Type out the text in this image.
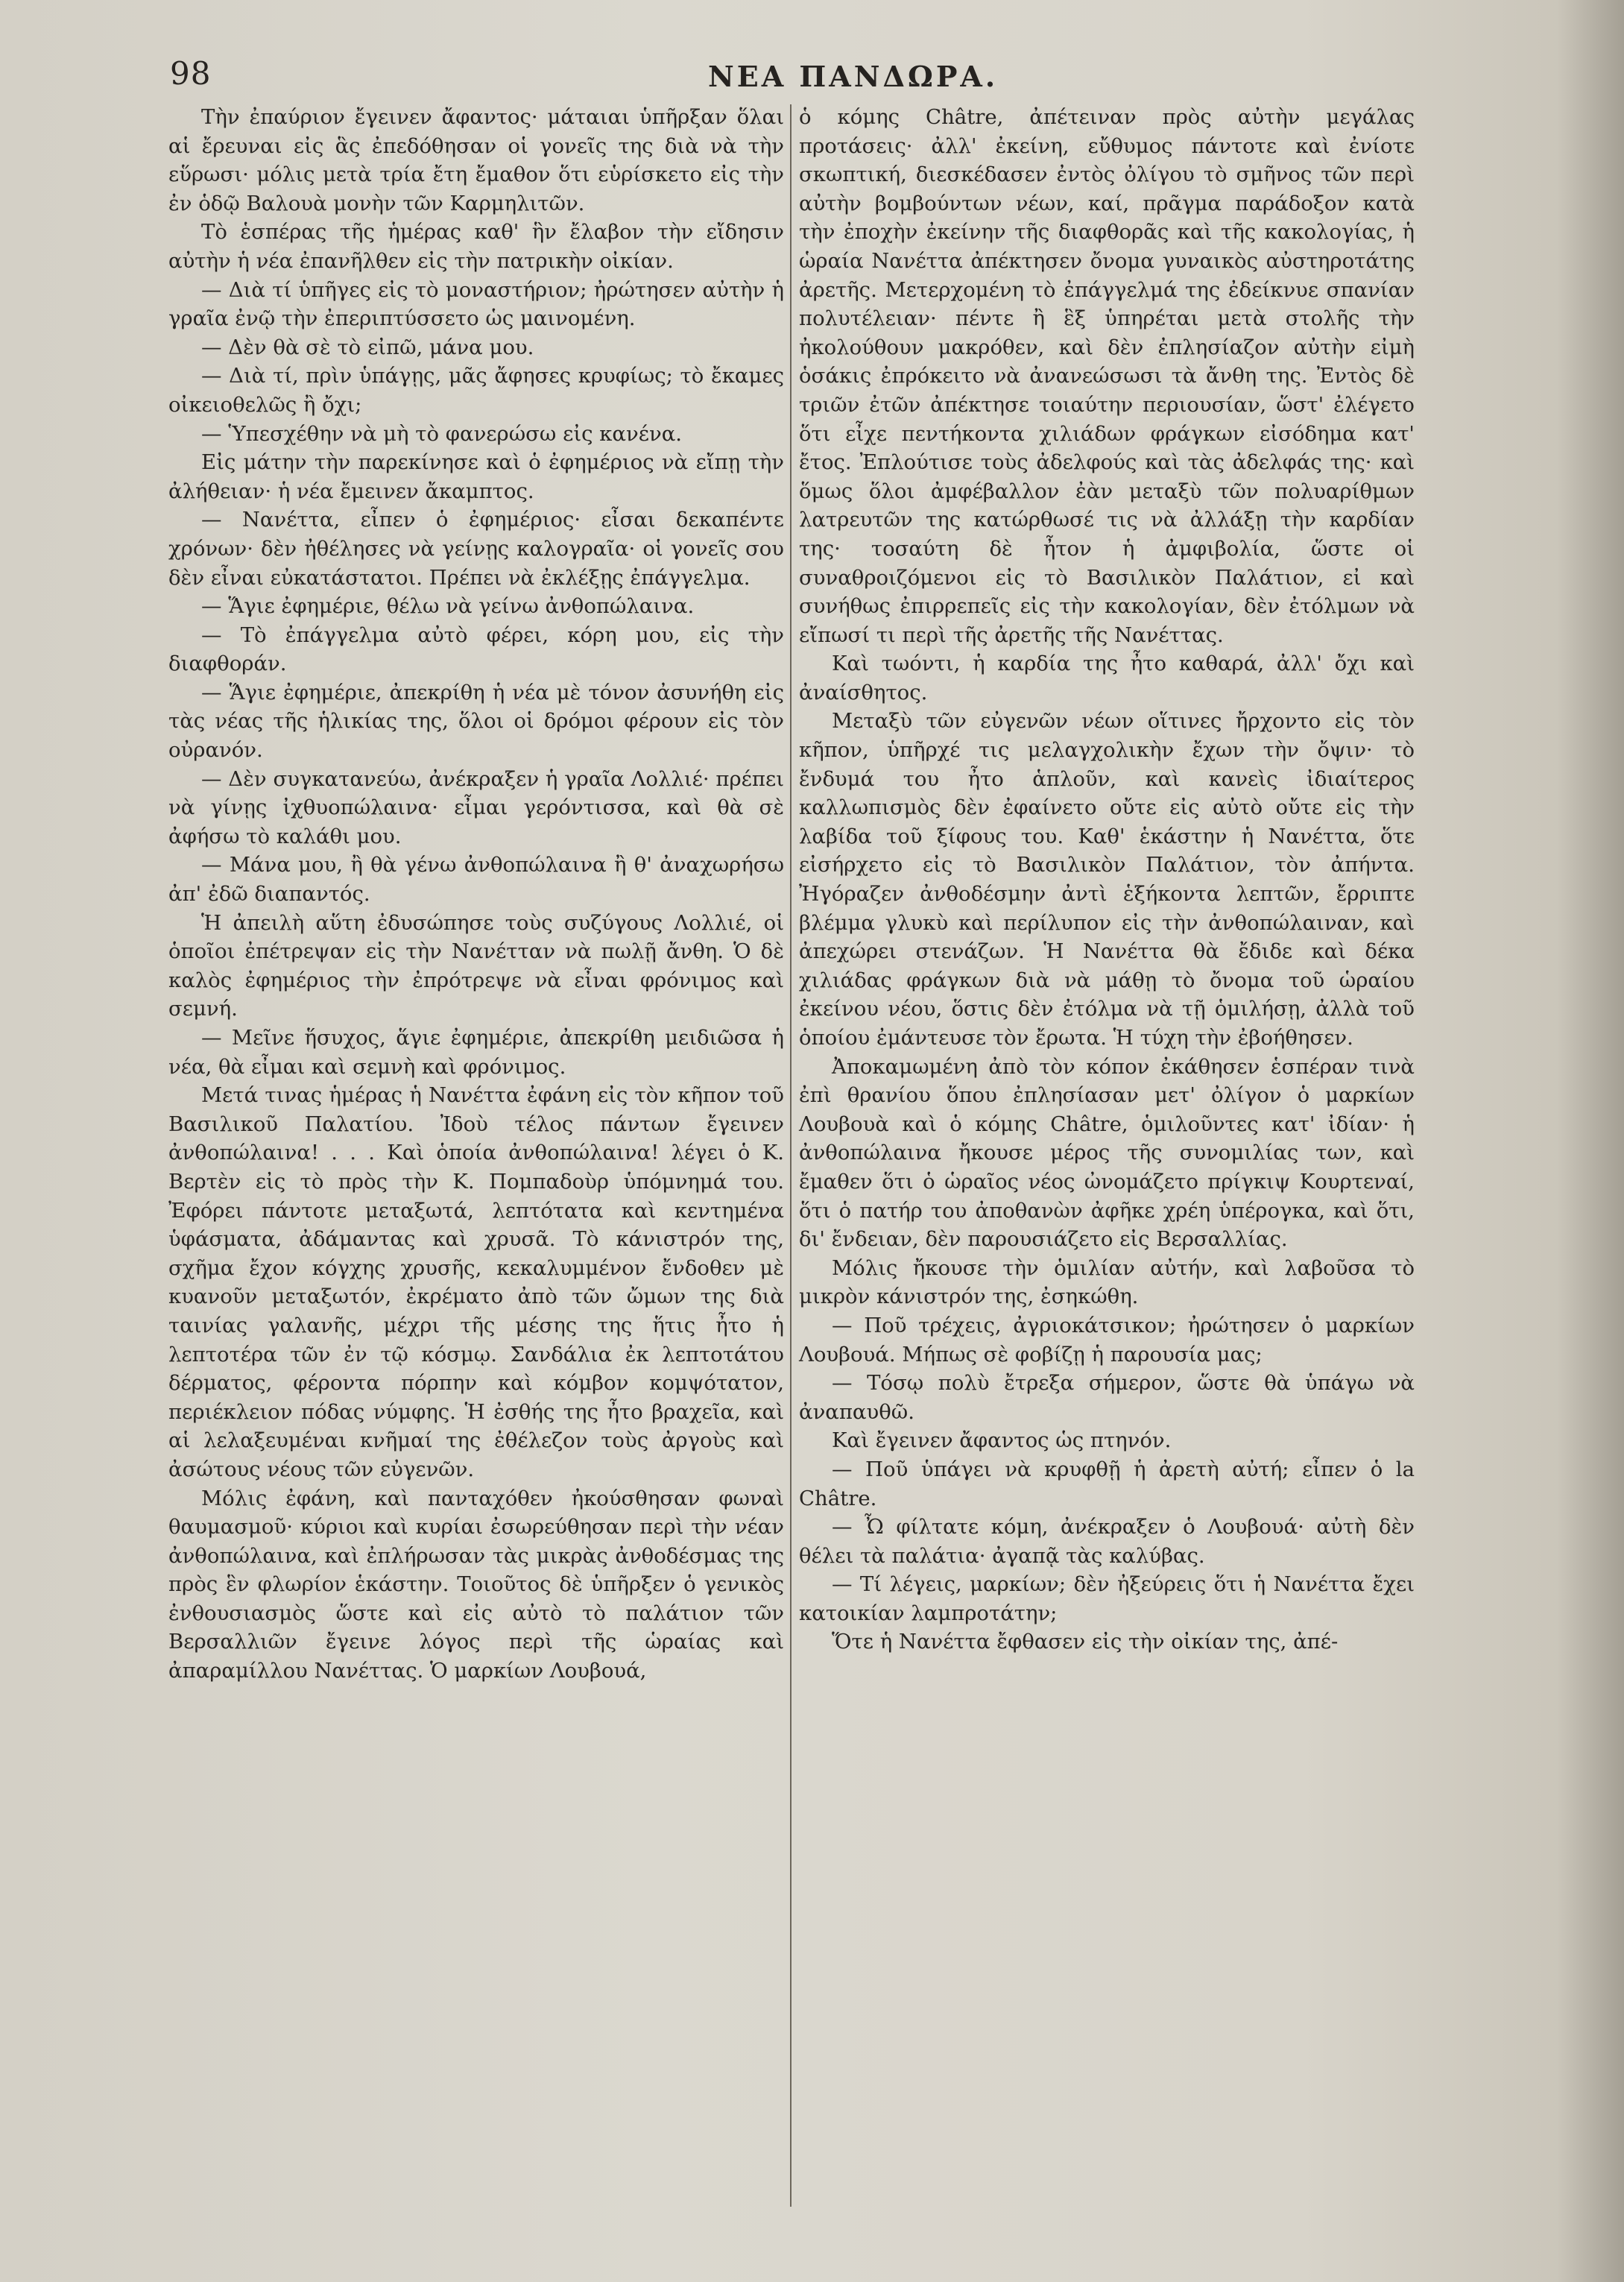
98	ΝΕΑ ΠΑΝΔΩΡΑ.

Τὴν ἐπαύριον ἔγεινεν ἄφαντος· μάταιαι ὑπῆρξαν ὅλαι αἱ ἔρευναι εἰς ἃς ἐπεδόθησαν οἱ γονεῖς της διὰ νὰ τὴν εὕρωσι· μόλις μετὰ τρία ἔτη ἔμαθον ὅτι εὑρίσκετο εἰς τὴν ἐν ὁδῷ Βαλουὰ μονὴν τῶν Καρμηλιτῶν.

Τὸ ἑσπέρας τῆς ἡμέρας καθ' ἣν ἔλαβον τὴν εἴδησιν αὐτὴν ἡ νέα ἐπανῆλθεν εἰς τὴν πατρικὴν οἰκίαν.

— Διὰ τί ὑπῆγες εἰς τὸ μοναστήριον; ἠρώτησεν αὐτὴν ἡ γραῖα ἐνῷ τὴν ἐπεριπτύσσετο ὡς μαινομένη.

— Δὲν θὰ σὲ τὸ εἰπῶ, μάνα μου.

— Διὰ τί, πρὶν ὑπάγῃς, μᾶς ἄφησες κρυφίως; τὸ ἔκαμες οἰκειοθελῶς ἢ ὄχι;

— Ὑπεσχέθην νὰ μὴ τὸ φανερώσω εἰς κανένα.

Εἰς μάτην τὴν παρεκίνησε καὶ ὁ ἐφημέριος νὰ εἴπῃ τὴν ἀλήθειαν· ἡ νέα ἔμεινεν ἄκαμπτος.

— Νανέττα, εἶπεν ὁ ἐφημέριος· εἶσαι δεκαπέντε χρόνων· δὲν ἠθέλησες νὰ γείνῃς καλογραῖα· οἱ γονεῖς σου δὲν εἶναι εὐκατάστατοι. Πρέπει νὰ ἐκλέξῃς ἐπάγγελμα.

— Ἅγιε ἐφημέριε, θέλω νὰ γείνω ἀνθοπώλαινα.

— Τὸ ἐπάγγελμα αὐτὸ φέρει, κόρη μου, εἰς τὴν διαφθοράν.

— Ἅγιε ἐφημέριε, ἀπεκρίθη ἡ νέα μὲ τόνον ἀσυνήθη εἰς τὰς νέας τῆς ἡλικίας της, ὅλοι οἱ δρόμοι φέρουν εἰς τὸν οὐρανόν.

— Δὲν συγκατανεύω, ἀνέκραξεν ἡ γραῖα Λολλιέ· πρέπει νὰ γίνῃς ἰχθυοπώλαινα· εἶμαι γερόντισσα, καὶ θὰ σὲ ἀφήσω τὸ καλάθι μου.

— Μάνα μου, ἢ θὰ γένω ἀνθοπώλαινα ἢ θ' ἀναχωρήσω ἀπ' ἐδῶ διαπαντός.

Ἡ ἀπειλὴ αὕτη ἐδυσώπησε τοὺς συζύγους Λολλιέ, οἱ ὁποῖοι ἐπέτρεψαν εἰς τὴν Νανέτταν νὰ πωλῇ ἄνθη. Ὁ δὲ καλὸς ἐφημέριος τὴν ἐπρότρεψε νὰ εἶναι φρόνιμος καὶ σεμνή.

— Μεῖνε ἥσυχος, ἅγιε ἐφημέριε, ἀπεκρίθη μειδιῶσα ἡ νέα, θὰ εἶμαι καὶ σεμνὴ καὶ φρόνιμος.

Μετά τινας ἡμέρας ἡ Νανέττα ἐφάνη εἰς τὸν κῆπον τοῦ Βασιλικοῦ Παλατίου. Ἰδοὺ τέλος πάντων ἔγεινεν ἀνθοπώλαινα! . . . Καὶ ὁποία ἀνθοπώλαινα! λέγει ὁ Κ. Βερτὲν εἰς τὸ πρὸς τὴν Κ. Πομπαδοὺρ ὑπόμνημά του. Ἐφόρει πάντοτε μεταξωτά, λεπτότατα καὶ κεντημένα ὑφάσματα, ἀδάμαντας καὶ χρυσᾶ. Τὸ κάνιστρόν της, σχῆμα ἔχον κόγχης χρυσῆς, κεκαλυμμένον ἔνδοθεν μὲ κυανοῦν μεταξωτόν, ἐκρέματο ἀπὸ τῶν ὤμων της διὰ ταινίας γαλανῆς, μέχρι τῆς μέσης της ἥτις ἦτο ἡ λεπτοτέρα τῶν ἐν τῷ κόσμῳ. Σανδάλια ἐκ λεπτοτάτου δέρματος, φέροντα πόρπην καὶ κόμβον κομψότατον, περιέκλειον πόδας νύμφης. Ἡ ἐσθής της ἦτο βραχεῖα, καὶ αἱ λελαξευμέναι κνῆμαί της ἐθέλεζον τοὺς ἀργοὺς καὶ ἀσώτους νέους τῶν εὐγενῶν.

Μόλις ἐφάνη, καὶ πανταχόθεν ἠκούσθησαν φωναὶ θαυμασμοῦ· κύριοι καὶ κυρίαι ἐσωρεύθησαν περὶ τὴν νέαν ἀνθοπώλαινα, καὶ ἐπλήρωσαν τὰς μικρὰς ἀνθοδέσμας της πρὸς ἓν φλωρίον ἑκάστην. Τοιοῦτος δὲ ὑπῆρξεν ὁ γενικὸς ἐνθουσιασμὸς ὥστε καὶ εἰς αὐτὸ τὸ παλάτιον τῶν Βερσαλλιῶν ἔγεινε λόγος περὶ τῆς ὡραίας καὶ ἀπαραμίλλου Νανέττας. Ὁ μαρκίων Λουβουά,

ὁ κόμης Châtre, ἀπέτειναν πρὸς αὐτὴν μεγάλας προτάσεις· ἀλλ' ἐκείνη, εὔθυμος πάντοτε καὶ ἐνίοτε σκωπτική, διεσκέδασεν ἐντὸς ὀλίγου τὸ σμῆνος τῶν περὶ αὐτὴν βομβούντων νέων, καί, πρᾶγμα παράδοξον κατὰ τὴν ἐποχὴν ἐκείνην τῆς διαφθορᾶς καὶ τῆς κακολογίας, ἡ ὡραία Νανέττα ἀπέκτησεν ὄνομα γυναικὸς αὐστηροτάτης ἀρετῆς. Μετερχομένη τὸ ἐπάγγελμά της ἐδείκνυε σπανίαν πολυτέλειαν· πέντε ἢ ἓξ ὑπηρέται μετὰ στολῆς τὴν ἠκολούθουν μακρόθεν, καὶ δὲν ἐπλησίαζον αὐτὴν εἰμὴ ὁσάκις ἐπρόκειτο νὰ ἀνανεώσωσι τὰ ἄνθη της. Ἐντὸς δὲ τριῶν ἐτῶν ἀπέκτησε τοιαύτην περιουσίαν, ὥστ' ἐλέγετο ὅτι εἶχε πεντήκοντα χιλιάδων φράγκων εἰσόδημα κατ' ἔτος. Ἐπλούτισε τοὺς ἀδελφούς καὶ τὰς ἀδελφάς της· καὶ ὅμως ὅλοι ἀμφέβαλλον ἐὰν μεταξὺ τῶν πολυαρίθμων λατρευτῶν της κατώρθωσέ τις νὰ ἀλλάξῃ τὴν καρδίαν της· τοσαύτη δὲ ἦτον ἡ ἀμφιβολία, ὥστε οἱ συναθροιζόμενοι εἰς τὸ Βασιλικὸν Παλάτιον, εἰ καὶ συνήθως ἐπιρρεπεῖς εἰς τὴν κακολογίαν, δὲν ἐτόλμων νὰ εἴπωσί τι περὶ τῆς ἀρετῆς τῆς Νανέττας.

Καὶ τωόντι, ἡ καρδία της ἦτο καθαρά, ἀλλ' ὄχι καὶ ἀναίσθητος.

Μεταξὺ τῶν εὐγενῶν νέων οἵτινες ἤρχοντο εἰς τὸν κῆπον, ὑπῆρχέ τις μελαγχολικὴν ἔχων τὴν ὄψιν· τὸ ἔνδυμά του ἦτο ἁπλοῦν, καὶ κανεὶς ἰδιαίτερος καλλωπισμὸς δὲν ἐφαίνετο οὔτε εἰς αὐτὸ οὔτε εἰς τὴν λαβίδα τοῦ ξίφους του. Καθ' ἑκάστην ἡ Νανέττα, ὅτε εἰσήρχετο εἰς τὸ Βασιλικὸν Παλάτιον, τὸν ἀπήντα. Ἠγόραζεν ἀνθοδέσμην ἀντὶ ἑξήκοντα λεπτῶν, ἔρριπτε βλέμμα γλυκὺ καὶ περίλυπον εἰς τὴν ἀνθοπώλαιναν, καὶ ἀπεχώρει στενάζων. Ἡ Νανέττα θὰ ἔδιδε καὶ δέκα χιλιάδας φράγκων διὰ νὰ μάθῃ τὸ ὄνομα τοῦ ὡραίου ἐκείνου νέου, ὅστις δὲν ἐτόλμα νὰ τῇ ὁμιλήσῃ, ἀλλὰ τοῦ ὁποίου ἐμάντευσε τὸν ἔρωτα. Ἡ τύχη τὴν ἐβοήθησεν.

Ἀποκαμωμένη ἀπὸ τὸν κόπον ἐκάθησεν ἑσπέραν τινὰ ἐπὶ θρανίου ὅπου ἐπλησίασαν μετ' ὀλίγον ὁ μαρκίων Λουβουὰ καὶ ὁ κόμης Châtre, ὁμιλοῦντες κατ' ἰδίαν· ἡ ἀνθοπώλαινα ἤκουσε μέρος τῆς συνομιλίας των, καὶ ἔμαθεν ὅτι ὁ ὡραῖος νέος ὠνομάζετο πρίγκιψ Κουρτεναί, ὅτι ὁ πατήρ του ἀποθανὼν ἀφῆκε χρέη ὑπέρογκα, καὶ ὅτι, δι' ἔνδειαν, δὲν παρουσιάζετο εἰς Βερσαλλίας.

Μόλις ἤκουσε τὴν ὁμιλίαν αὐτήν, καὶ λαβοῦσα τὸ μικρὸν κάνιστρόν της, ἐσηκώθη.

— Ποῦ τρέχεις, ἀγριοκάτσικον; ἠρώτησεν ὁ μαρκίων Λουβουά. Μήπως σὲ φοβίζῃ ἡ παρουσία μας;

— Τόσῳ πολὺ ἔτρεξα σήμερον, ὥστε θὰ ὑπάγω νὰ ἀναπαυθῶ.

Καὶ ἔγεινεν ἄφαντος ὡς πτηνόν.

— Ποῦ ὑπάγει νὰ κρυφθῇ ἡ ἀρετὴ αὐτή; εἶπεν ὁ la Châtre.

— Ὦ φίλτατε κόμη, ἀνέκραξεν ὁ Λουβουά· αὐτὴ δὲν θέλει τὰ παλάτια· ἀγαπᾷ τὰς καλύβας.

— Τί λέγεις, μαρκίων; δὲν ἠξεύρεις ὅτι ἡ Νανέττα ἔχει κατοικίαν λαμπροτάτην;

Ὅτε ἡ Νανέττα ἔφθασεν εἰς τὴν οἰκίαν της, ἀπέ-
